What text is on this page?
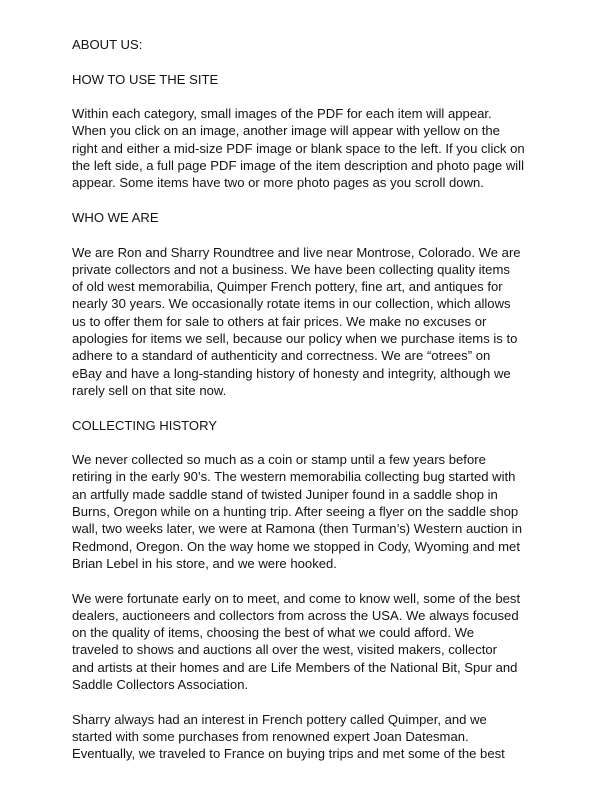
ABOUT US:

HOW TO USE THE SITE

Within each category, small images of the PDF for each item will appear.
When you click on an image, another image will appear with yellow on the
right and either a mid-size PDF image or blank space to the left. If you click on
the left side, a full page PDF image of the item description and photo page will
appear. Some items have two or more photo pages as you scroll down.

WHO WE ARE

We are Ron and Sharry Roundtree and live near Montrose, Colorado. We are
private collectors and not a business. We have been collecting quality items
of old west memorabilia, Quimper French pottery, fine art, and antiques for
nearly 30 years. We occasionally rotate items in our collection, which allows
us to offer them for sale to others at fair prices. We make no excuses or
apologies for items we sell, because our policy when we purchase items is to
adhere to a standard of authenticity and correctness. We are “otrees” on
eBay and have a long-standing history of honesty and integrity, although we
rarely sell on that site now.

COLLECTING HISTORY

We never collected so much as a coin or stamp until a few years before
retiring in the early 90’s. The western memorabilia collecting bug started with
an artfully made saddle stand of twisted Juniper found in a saddle shop in
Burns, Oregon while on a hunting trip. After seeing a flyer on the saddle shop
wall, two weeks later, we were at Ramona (then Turman’s) Western auction in
Redmond, Oregon. On the way home we stopped in Cody, Wyoming and met
Brian Lebel in his store, and we were hooked.

We were fortunate early on to meet, and come to know well, some of the best
dealers, auctioneers and collectors from across the USA. We always focused
on the quality of items, choosing the best of what we could afford. We
traveled to shows and auctions all over the west, visited makers, collector
and artists at their homes and are Life Members of the National Bit, Spur and
Saddle Collectors Association.

Sharry always had an interest in French pottery called Quimper, and we
started with some purchases from renowned expert Joan Datesman.
Eventually, we traveled to France on buying trips and met some of the best
